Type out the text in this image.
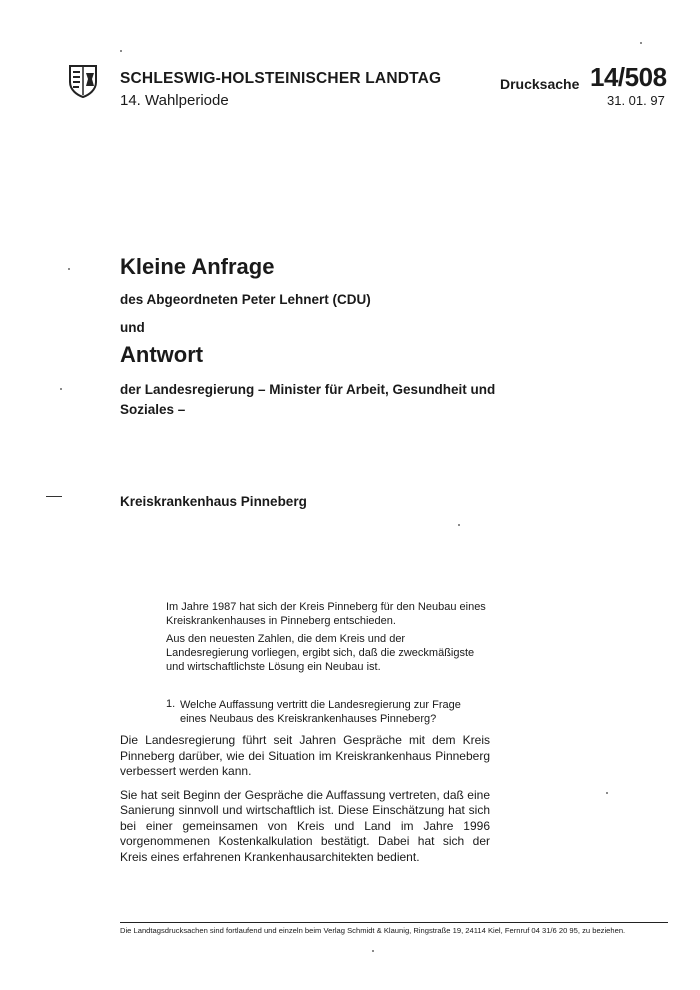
SCHLESWIG-HOLSTEINISCHER LANDTAG
14. Wahlperiode
Drucksache 14/508
31. 01. 97
Kleine Anfrage
des Abgeordneten Peter Lehnert (CDU)
und
Antwort
der Landesregierung – Minister für Arbeit, Gesundheit und Soziales –
Kreiskrankenhaus Pinneberg

Im Jahre 1987 hat sich der Kreis Pinneberg für den Neubau eines Kreiskrankenhauses in Pinneberg entschieden.

Aus den neuesten Zahlen, die dem Kreis und der Landesregierung vorliegen, ergibt sich, daß die zweckmäßigste und wirtschaftlichste Lösung ein Neubau ist.

1. Welche Auffassung vertritt die Landesregierung zur Frage eines Neubaus des Kreiskrankenhauses Pinneberg?

Die Landesregierung führt seit Jahren Gespräche mit dem Kreis Pinneberg darüber, wie dei Situation im Kreiskrankenhaus Pinneberg verbessert werden kann.

Sie hat seit Beginn der Gespräche die Auffassung vertreten, daß eine Sanierung sinnvoll und wirtschaftlich ist. Diese Einschätzung hat sich bei einer gemeinsamen von Kreis und Land im Jahre 1996 vorgenommenen Kostenkalkulation bestätigt. Dabei hat sich der Kreis eines erfahrenen Krankenhausarchitekten bedient.

Die Landtagsdrucksachen sind fortlaufend und einzeln beim Verlag Schmidt & Klaunig, Ringstraße 19, 24114 Kiel, Fernruf 04 31/6 20 95, zu beziehen.
